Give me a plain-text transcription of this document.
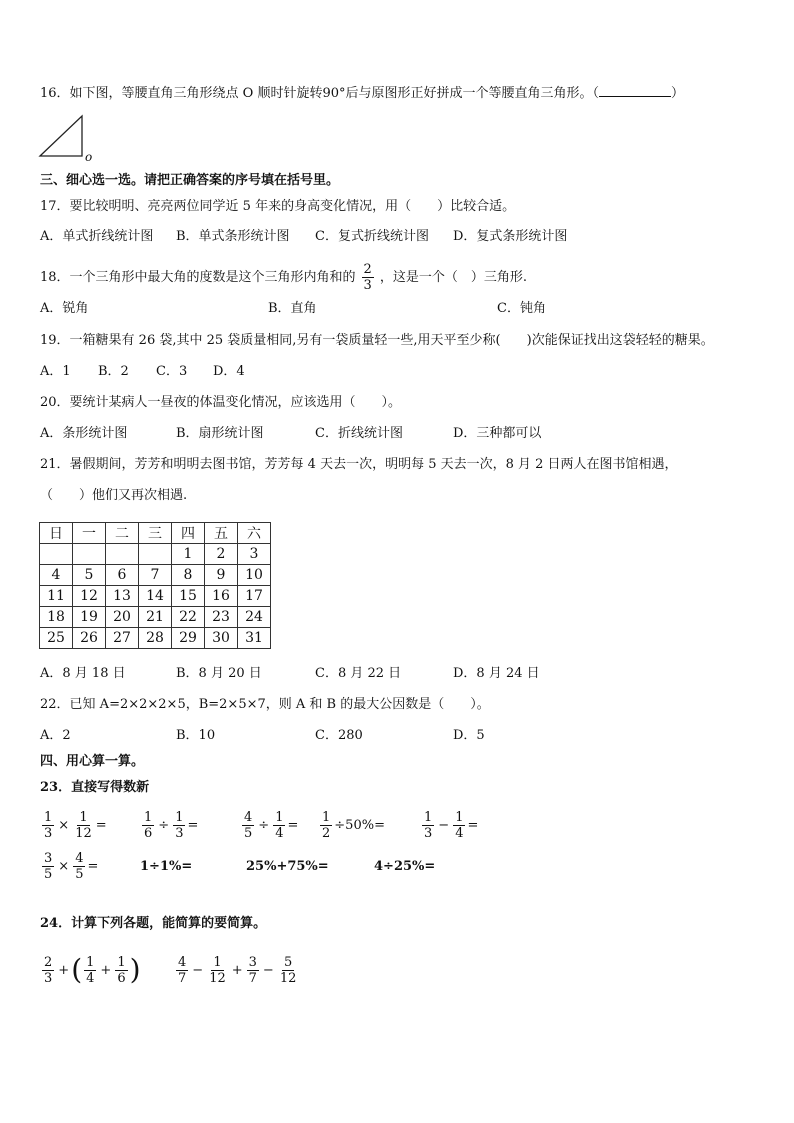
16．如下图，等腰直角三角形绕点 O 顺时针旋转90°后与原图形正好拼成一个等腰直角三角形。（	）
o
三、细心选一选。请把正确答案的序号填在括号里。
17．要比较明明、亮亮两位同学近 5 年来的身高变化情况，用（　　）比较合适。
A．单式折线统计图 B．单式条形统计图 C．复式折线统计图 D．复式条形统计图
18．一个三角形中最大角的度数是这个三角形内角和的 $\frac{2}{3}$ ，这是一个（　）三角形.
A．锐角	B．直角	C．钝角
19．一箱糖果有 26 袋,其中 25 袋质量相同,另有一袋质量轻一些,用天平至少称(　　)次能保证找出这袋轻轻的糖果。
A．1 B．2 C．3 D．4
20．要统计某病人一昼夜的体温变化情况，应该选用（　　）。
A．条形统计图	B．扇形统计图	C．折线统计图	D．三种都可以
21．暑假期间，芳芳和明明去图书馆，芳芳每 4 天去一次，明明每 5 天去一次，8 月 2 日两人在图书馆相遇，
（　　）他们又再次相遇.
日	一	二	三	四	五	六
				1	2	3
4	5	6	7	8	9	10
11	12	13	14	15	16	17
18	19	20	21	22	23	24
25	26	27	28	29	30	31
A．8 月 18 日	B．8 月 20 日	C．8 月 22 日	D．8 月 24 日
22．已知 A=2×2×2×5，B=2×5×7，则 A 和 B 的最大公因数是（　　）。
A．2	B．10	C．280	D．5
四、用心算一算。
23．直接写得数新
$\frac{1}{3} \times \frac{1}{12}$ =	$\frac{1}{6} \div \frac{1}{3}$ =	$\frac{4}{5} \div \frac{1}{4} = \frac{1}{2} \div 50\%=$	$\frac{1}{3} - \frac{1}{4}$ =
$\frac{3}{5} \times \frac{4}{5}$ =	1÷1%=	25%+75%=	4÷25%=
24．计算下列各题，能简算的要简算。
$\frac{2}{3}$ + ( $\frac{1}{4} + \frac{1}{6}$ )	$\frac{4}{7} - \frac{1}{12} + \frac{3}{7} - \frac{5}{12}$
